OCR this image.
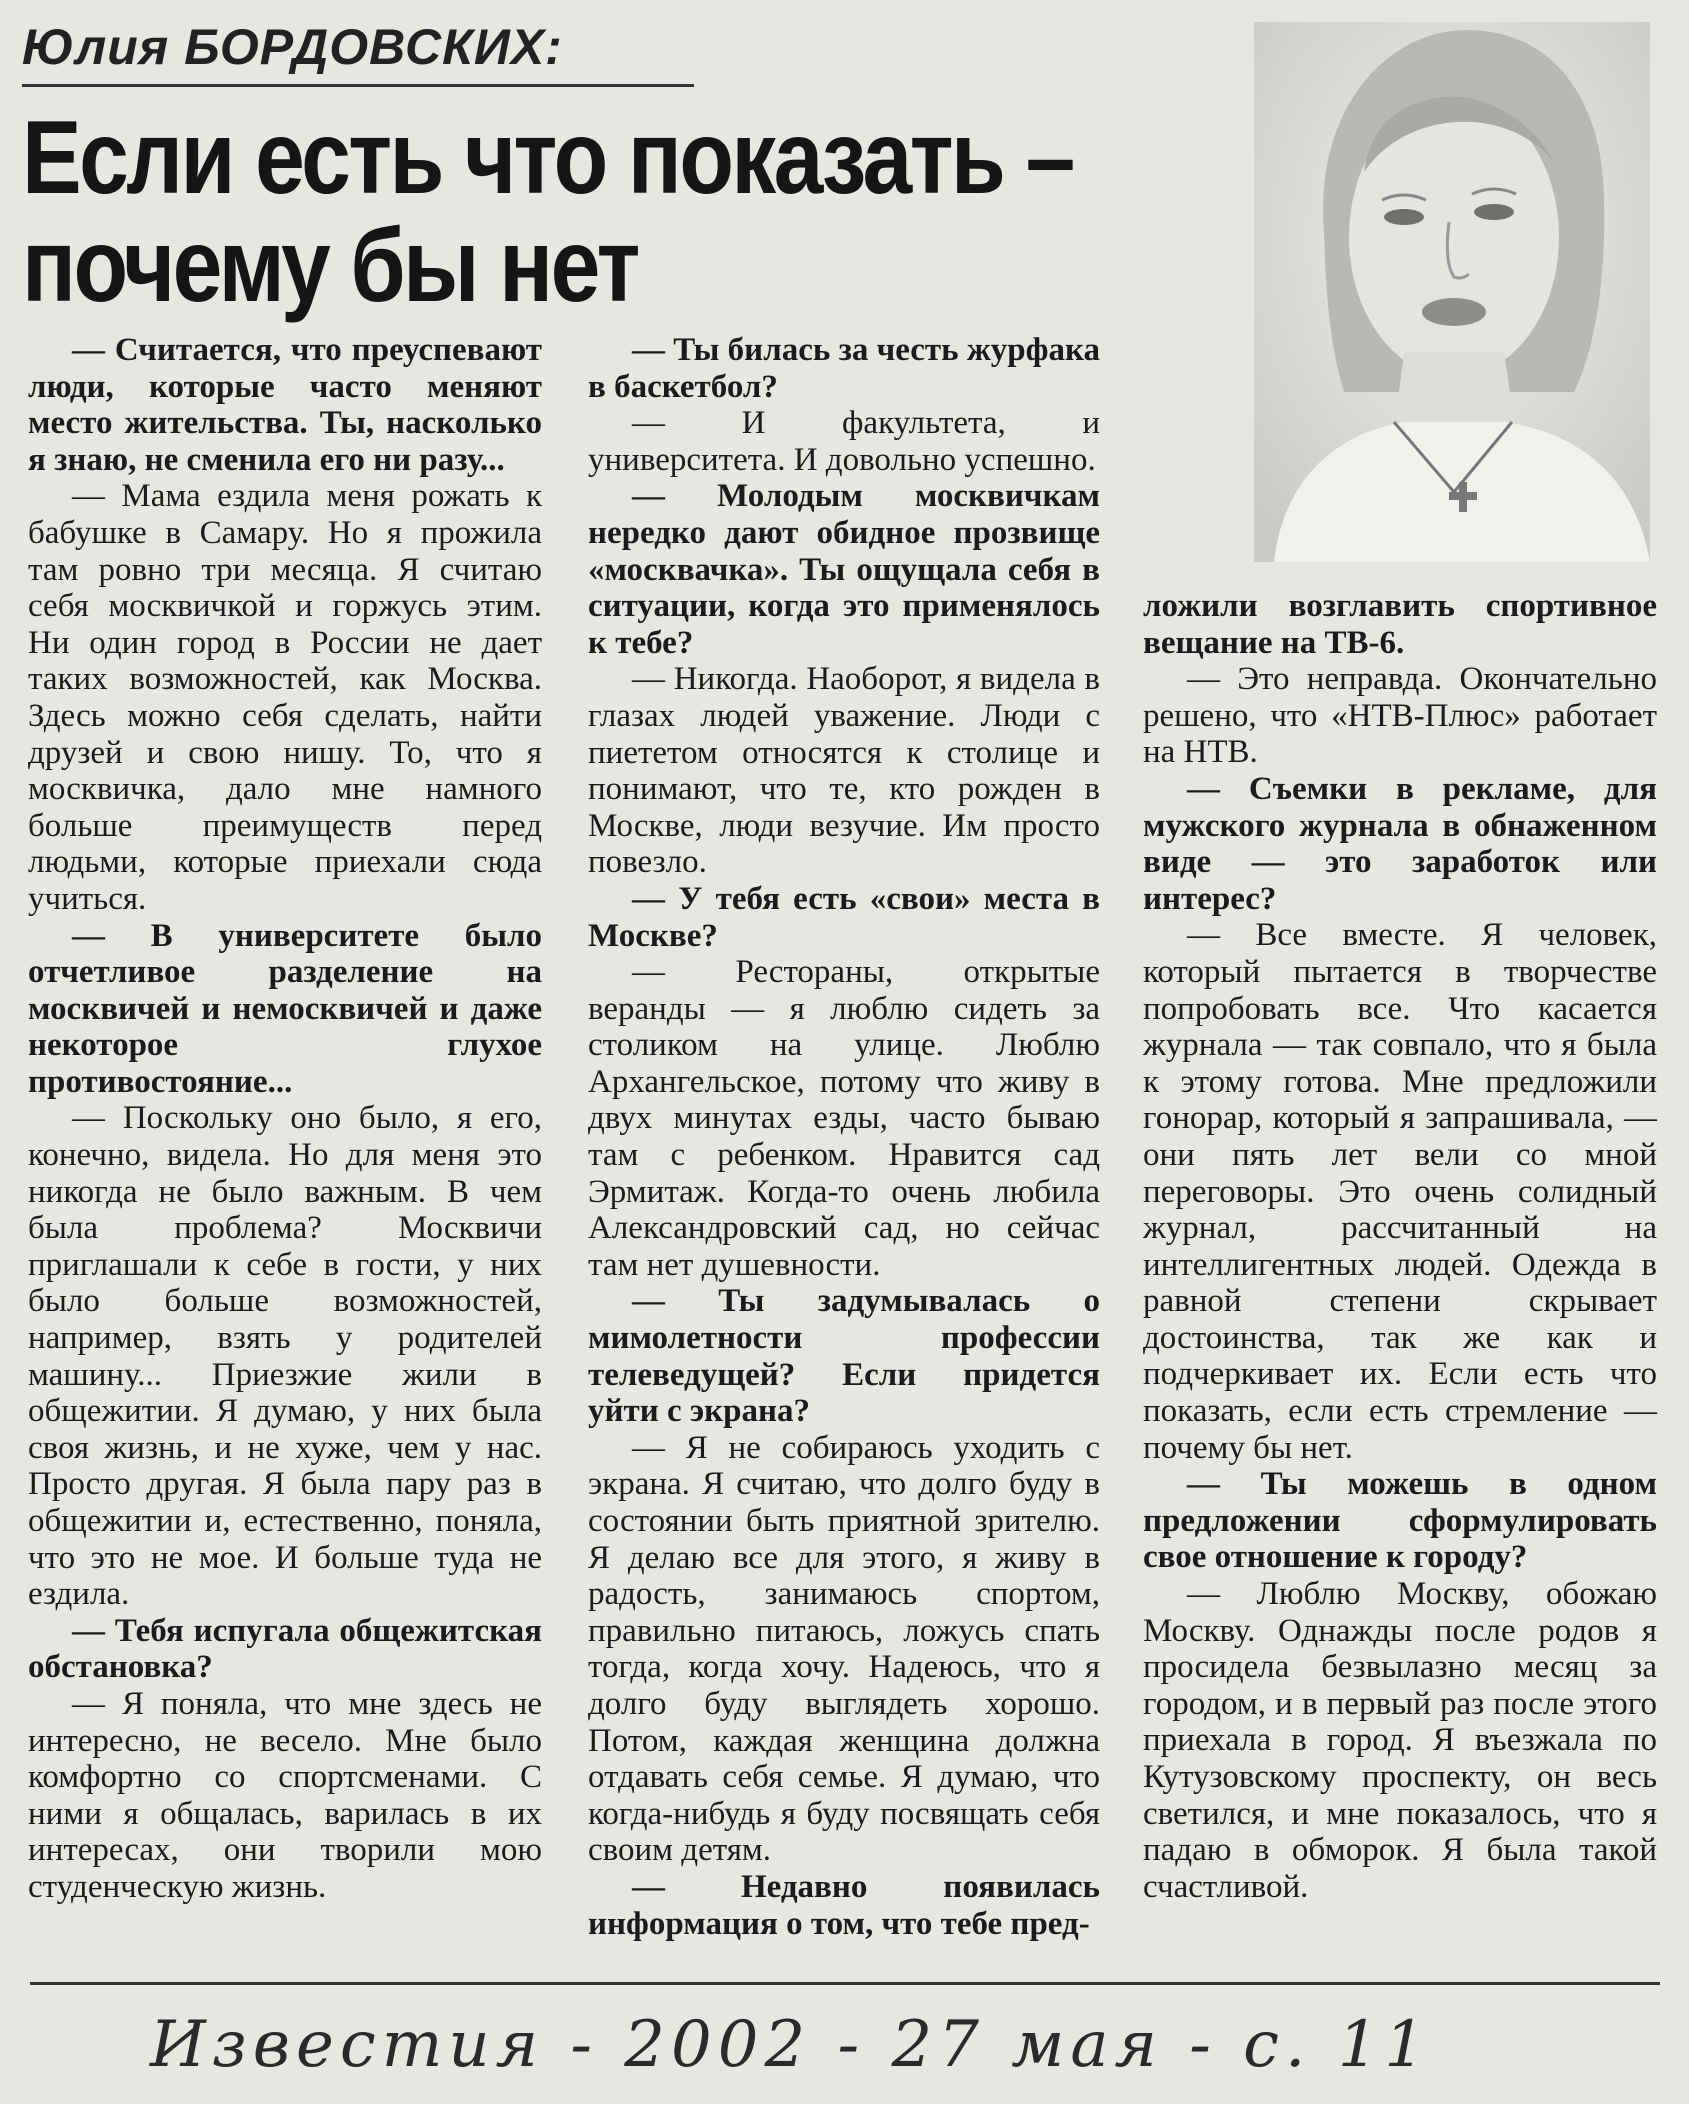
Юлия БОРДОВСКИХ:
Если есть что показать –
почему бы нет

— Считается, что преуспевают люди, которые часто меняют место жительства. Ты, насколько я знаю, не сменила его ни разу...

— Мама ездила меня рожать к бабушке в Самару. Но я прожила там ровно три месяца. Я считаю себя москвичкой и горжусь этим. Ни один город в России не дает таких возможностей, как Москва. Здесь можно себя сделать, найти друзей и свою нишу. То, что я москвичка, дало мне намного больше преимуществ перед людьми, которые приехали сюда учиться.

— В университете было отчетливое разделение на москвичей и немосквичей и даже некоторое глухое противостояние...

— Поскольку оно было, я его, конечно, видела. Но для меня это никогда не было важным. В чем была проблема? Москвичи приглашали к себе в гости, у них было больше возможностей, например, взять у родителей машину... Приезжие жили в общежитии. Я думаю, у них была своя жизнь, и не хуже, чем у нас. Просто другая. Я была пару раз в общежитии и, естественно, поняла, что это не мое. И больше туда не ездила.

— Тебя испугала общежитская обстановка?

— Я поняла, что мне здесь не интересно, не весело. Мне было комфортно со спортсменами. С ними я общалась, варилась в их интересах, они творили мою студенческую жизнь.

— Ты билась за честь журфака в баскетбол?

— И факультета, и университета. И довольно успешно.

— Молодым москвичкам нередко дают обидное прозвище «москвачка». Ты ощущала себя в ситуации, когда это применялось к тебе?

— Никогда. Наоборот, я видела в глазах людей уважение. Люди с пиететом относятся к столице и понимают, что те, кто рожден в Москве, люди везучие. Им просто повезло.

— У тебя есть «свои» места в Москве?

— Рестораны, открытые веранды — я люблю сидеть за столиком на улице. Люблю Архангельское, потому что живу в двух минутах езды, часто бываю там с ребенком. Нравится сад Эрмитаж. Когда-то очень любила Александровский сад, но сейчас там нет душевности.

— Ты задумывалась о мимолетности профессии телеведущей? Если придется уйти с экрана?

— Я не собираюсь уходить с экрана. Я считаю, что долго буду в состоянии быть приятной зрителю. Я делаю все для этого, я живу в радость, занимаюсь спортом, правильно питаюсь, ложусь спать тогда, когда хочу. Надеюсь, что я долго буду выглядеть хорошо. Потом, каждая женщина должна отдавать себя семье. Я думаю, что когда-нибудь я буду посвящать себя своим детям.

— Недавно появилась информация о том, что тебе пред-

ложили возглавить спортивное вещание на ТВ-6.

— Это неправда. Окончательно решено, что «НТВ-Плюс» работает на НТВ.

— Съемки в рекламе, для мужского журнала в обнаженном виде — это заработок или интерес?

— Все вместе. Я человек, который пытается в творчестве попробовать все. Что касается журнала — так совпало, что я была к этому готова. Мне предложили гонорар, который я запрашивала, — они пять лет вели со мной переговоры. Это очень солидный журнал, рассчитанный на интеллигентных людей. Одежда в равной степени скрывает достоинства, так же как и подчеркивает их. Если есть что показать, если есть стремление — почему бы нет.

— Ты можешь в одном предложении сформулировать свое отношение к городу?

— Люблю Москву, обожаю Москву. Однажды после родов я просидела безвылазно месяц за городом, и в первый раз после этого приехала в город. Я въезжала по Кутузовскому проспекту, он весь светился, и мне показалось, что я падаю в обморок. Я была такой счастливой.

Известия - 2002 - 27 мая - с. 11
